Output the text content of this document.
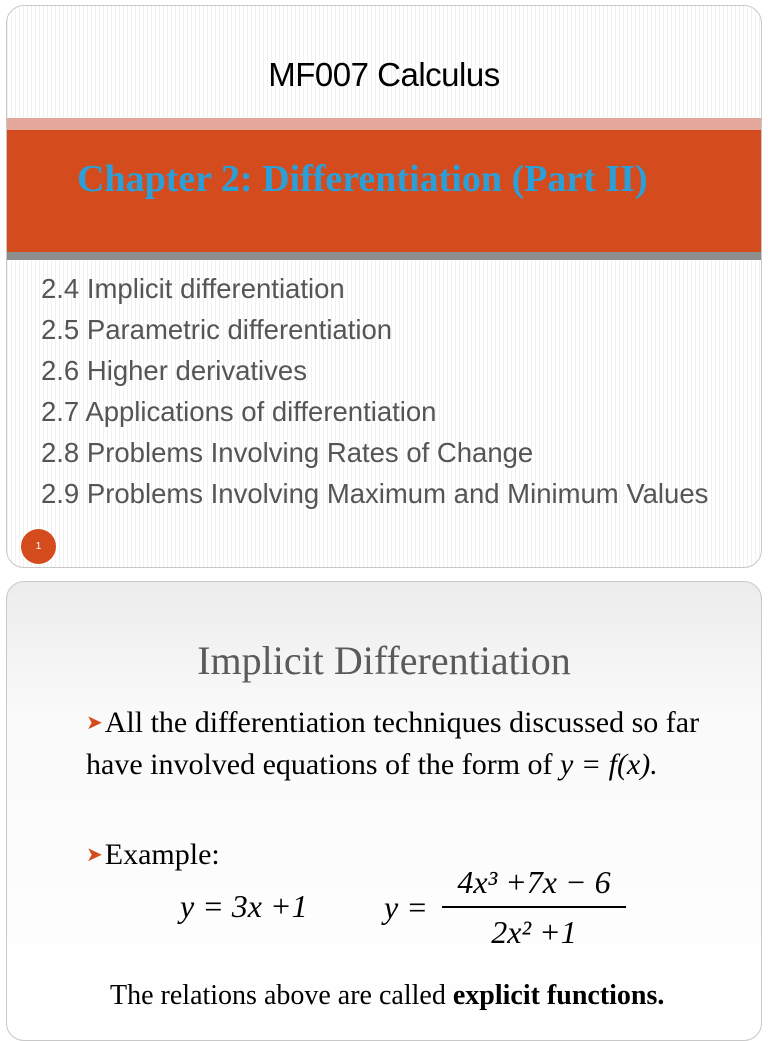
MF007 Calculus
Chapter 2: Differentiation (Part II)
2.4 Implicit differentiation
2.5 Parametric differentiation
2.6 Higher derivatives
2.7 Applications of differentiation
2.8 Problems Involving Rates of Change
2.9 Problems Involving Maximum and Minimum Values
1
Implicit Differentiation
➤All the differentiation techniques discussed so far have involved equations of the form of y = f(x).
➤Example:
y = 3x +1 y =
4x³ +7x − 6
2x² +1
The relations above are called explicit functions.
